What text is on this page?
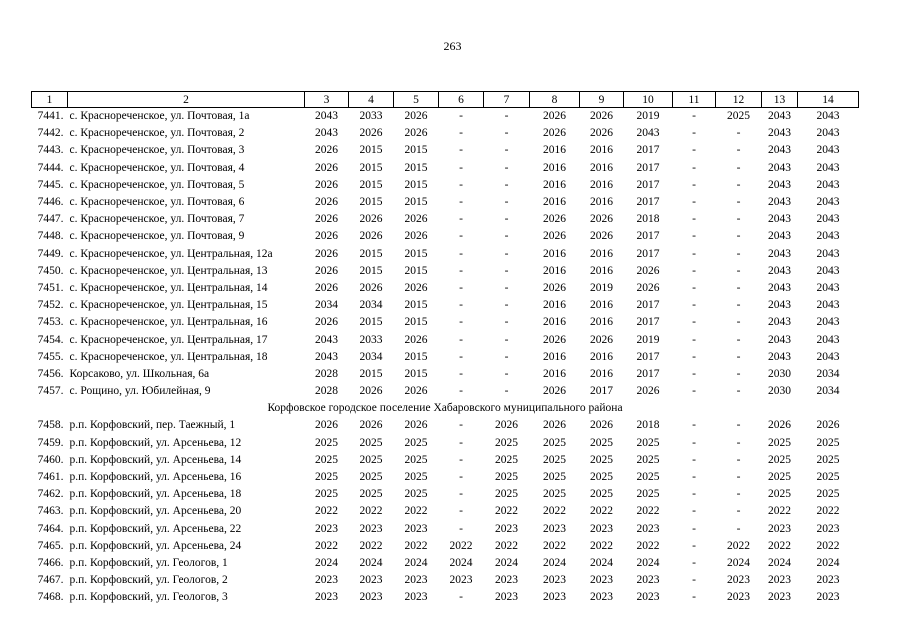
263
1	2	3	4	5	6	7	8	9	10	11	12	13	14
7441.	с. Краснореченское, ул. Почтовая, 1а	2043	2033	2026	-	-	2026	2026	2019	-	2025	2043	2043
7442.	с. Краснореченское, ул. Почтовая, 2	2043	2026	2026	-	-	2026	2026	2043	-	-	2043	2043
7443.	с. Краснореченское, ул. Почтовая, 3	2026	2015	2015	-	-	2016	2016	2017	-	-	2043	2043
7444.	с. Краснореченское, ул. Почтовая, 4	2026	2015	2015	-	-	2016	2016	2017	-	-	2043	2043
7445.	с. Краснореченское, ул. Почтовая, 5	2026	2015	2015	-	-	2016	2016	2017	-	-	2043	2043
7446.	с. Краснореченское, ул. Почтовая, 6	2026	2015	2015	-	-	2016	2016	2017	-	-	2043	2043
7447.	с. Краснореченское, ул. Почтовая, 7	2026	2026	2026	-	-	2026	2026	2018	-	-	2043	2043
7448.	с. Краснореченское, ул. Почтовая, 9	2026	2026	2026	-	-	2026	2026	2017	-	-	2043	2043
7449.	с. Краснореченское, ул. Центральная, 12а	2026	2015	2015	-	-	2016	2016	2017	-	-	2043	2043
7450.	с. Краснореченское, ул. Центральная, 13	2026	2015	2015	-	-	2016	2016	2026	-	-	2043	2043
7451.	с. Краснореченское, ул. Центральная, 14	2026	2026	2026	-	-	2026	2019	2026	-	-	2043	2043
7452.	с. Краснореченское, ул. Центральная, 15	2034	2034	2015	-	-	2016	2016	2017	-	-	2043	2043
7453.	с. Краснореченское, ул. Центральная, 16	2026	2015	2015	-	-	2016	2016	2017	-	-	2043	2043
7454.	с. Краснореченское, ул. Центральная, 17	2043	2033	2026	-	-	2026	2026	2019	-	-	2043	2043
7455.	с. Краснореченское, ул. Центральная, 18	2043	2034	2015	-	-	2016	2016	2017	-	-	2043	2043
7456.	Корсаково, ул. Школьная, 6а	2028	2015	2015	-	-	2016	2016	2017	-	-	2030	2034
7457.	с. Рощино, ул. Юбилейная, 9	2028	2026	2026	-	-	2026	2017	2026	-	-	2030	2034
Корфовское городское поселение Хабаровского муниципального района													
7458.	р.п. Корфовский, пер. Таежный, 1	2026	2026	2026	-	2026	2026	2026	2018	-	-	2026	2026
7459.	р.п. Корфовский, ул. Арсеньева, 12	2025	2025	2025	-	2025	2025	2025	2025	-	-	2025	2025
7460.	р.п. Корфовский, ул. Арсеньева, 14	2025	2025	2025	-	2025	2025	2025	2025	-	-	2025	2025
7461.	р.п. Корфовский, ул. Арсеньева, 16	2025	2025	2025	-	2025	2025	2025	2025	-	-	2025	2025
7462.	р.п. Корфовский, ул. Арсеньева, 18	2025	2025	2025	-	2025	2025	2025	2025	-	-	2025	2025
7463.	р.п. Корфовский, ул. Арсеньева, 20	2022	2022	2022	-	2022	2022	2022	2022	-	-	2022	2022
7464.	р.п. Корфовский, ул. Арсеньева, 22	2023	2023	2023	-	2023	2023	2023	2023	-	-	2023	2023
7465.	р.п. Корфовский, ул. Арсеньева, 24	2022	2022	2022	2022	2022	2022	2022	2022	-	2022	2022	2022
7466.	р.п. Корфовский, ул. Геологов, 1	2024	2024	2024	2024	2024	2024	2024	2024	-	2024	2024	2024
7467.	р.п. Корфовский, ул. Геологов, 2	2023	2023	2023	2023	2023	2023	2023	2023	-	2023	2023	2023
7468.	р.п. Корфовский, ул. Геологов, 3	2023	2023	2023	-	2023	2023	2023	2023	-	2023	2023	2023
